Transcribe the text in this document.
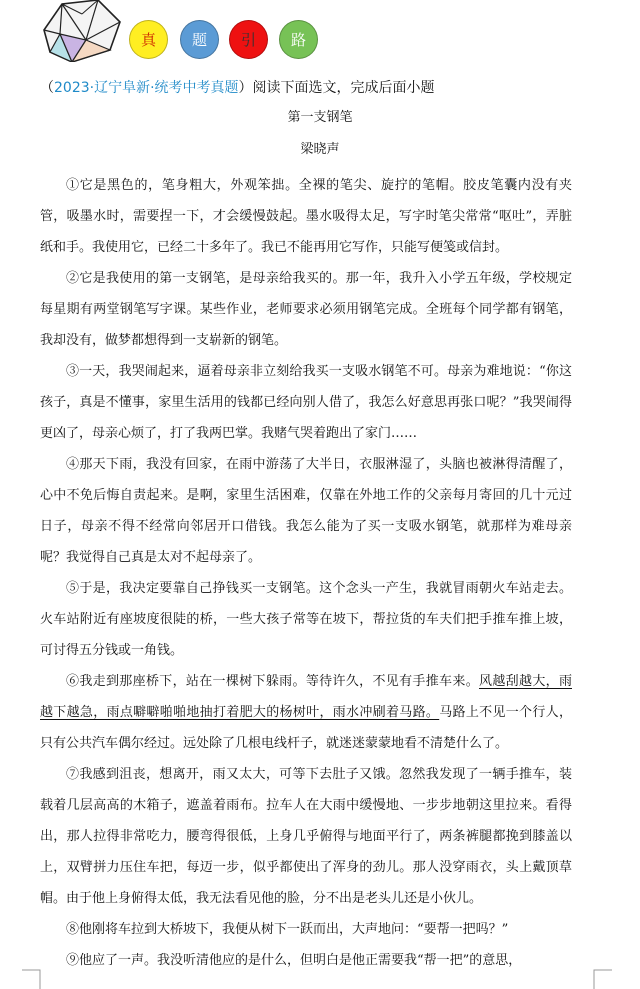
真	题	引	路
（2023·辽宁阜新·统考中考真题）阅读下面选文，完成后面小题
第一支钢笔
梁晓声

①它是黑色的，笔身粗大，外观笨拙。全裸的笔尖、旋拧的笔帽。胶皮笔囊内没有夹管，吸墨水时，需要捏一下，才会缓慢鼓起。墨水吸得太足，写字时笔尖常常“呕吐”，弄脏纸和手。我使用它，已经二十多年了。我已不能再用它写作，只能写便笺或信封。

②它是我使用的第一支钢笔，是母亲给我买的。那一年，我升入小学五年级，学校规定每星期有两堂钢笔写字课。某些作业，老师要求必须用钢笔完成。全班每个同学都有钢笔，我却没有，做梦都想得到一支崭新的钢笔。

③一天，我哭闹起来，逼着母亲非立刻给我买一支吸水钢笔不可。母亲为难地说：“你这孩子，真是不懂事，家里生活用的钱都已经向别人借了，我怎么好意思再张口呢？”我哭闹得更凶了，母亲心烦了，打了我两巴掌。我赌气哭着跑出了家门……

④那天下雨，我没有回家，在雨中游荡了大半日，衣服淋湿了，头脑也被淋得清醒了，心中不免后悔自责起来。是啊，家里生活困难，仅靠在外地工作的父亲每月寄回的几十元过日子，母亲不得不经常向邻居开口借钱。我怎么能为了买一支吸水钢笔，就那样为难母亲呢？我觉得自己真是太对不起母亲了。

⑤于是，我决定要靠自己挣钱买一支钢笔。这个念头一产生，我就冒雨朝火车站走去。火车站附近有座坡度很陡的桥，一些大孩子常等在坡下，帮拉货的车夫们把手推车推上坡，可讨得五分钱或一角钱。

⑥我走到那座桥下，站在一棵树下躲雨。等待许久，不见有手推车来。风越刮越大，雨越下越急，雨点噼噼啪啪地抽打着肥大的杨树叶，雨水冲刷着马路。马路上不见一个行人，只有公共汽车偶尔经过。远处除了几根电线杆子，就迷迷蒙蒙地看不清楚什么了。

⑦我感到沮丧，想离开，雨又太大，可等下去肚子又饿。忽然我发现了一辆手推车，装载着几层高高的木箱子，遮盖着雨布。拉车人在大雨中缓慢地、一步步地朝这里拉来。看得出，那人拉得非常吃力，腰弯得很低，上身几乎俯得与地面平行了，两条裤腿都挽到膝盖以上，双臂拼力压住车把，每迈一步，似乎都使出了浑身的劲儿。那人没穿雨衣，头上戴顶草帽。由于他上身俯得太低，我无法看见他的脸，分不出是老头儿还是小伙儿。

⑧他刚将车拉到大桥坡下，我便从树下一跃而出，大声地问：“要帮一把吗？”

⑨他应了一声。我没听清他应的是什么，但明白是他正需要我“帮一把”的意思，
